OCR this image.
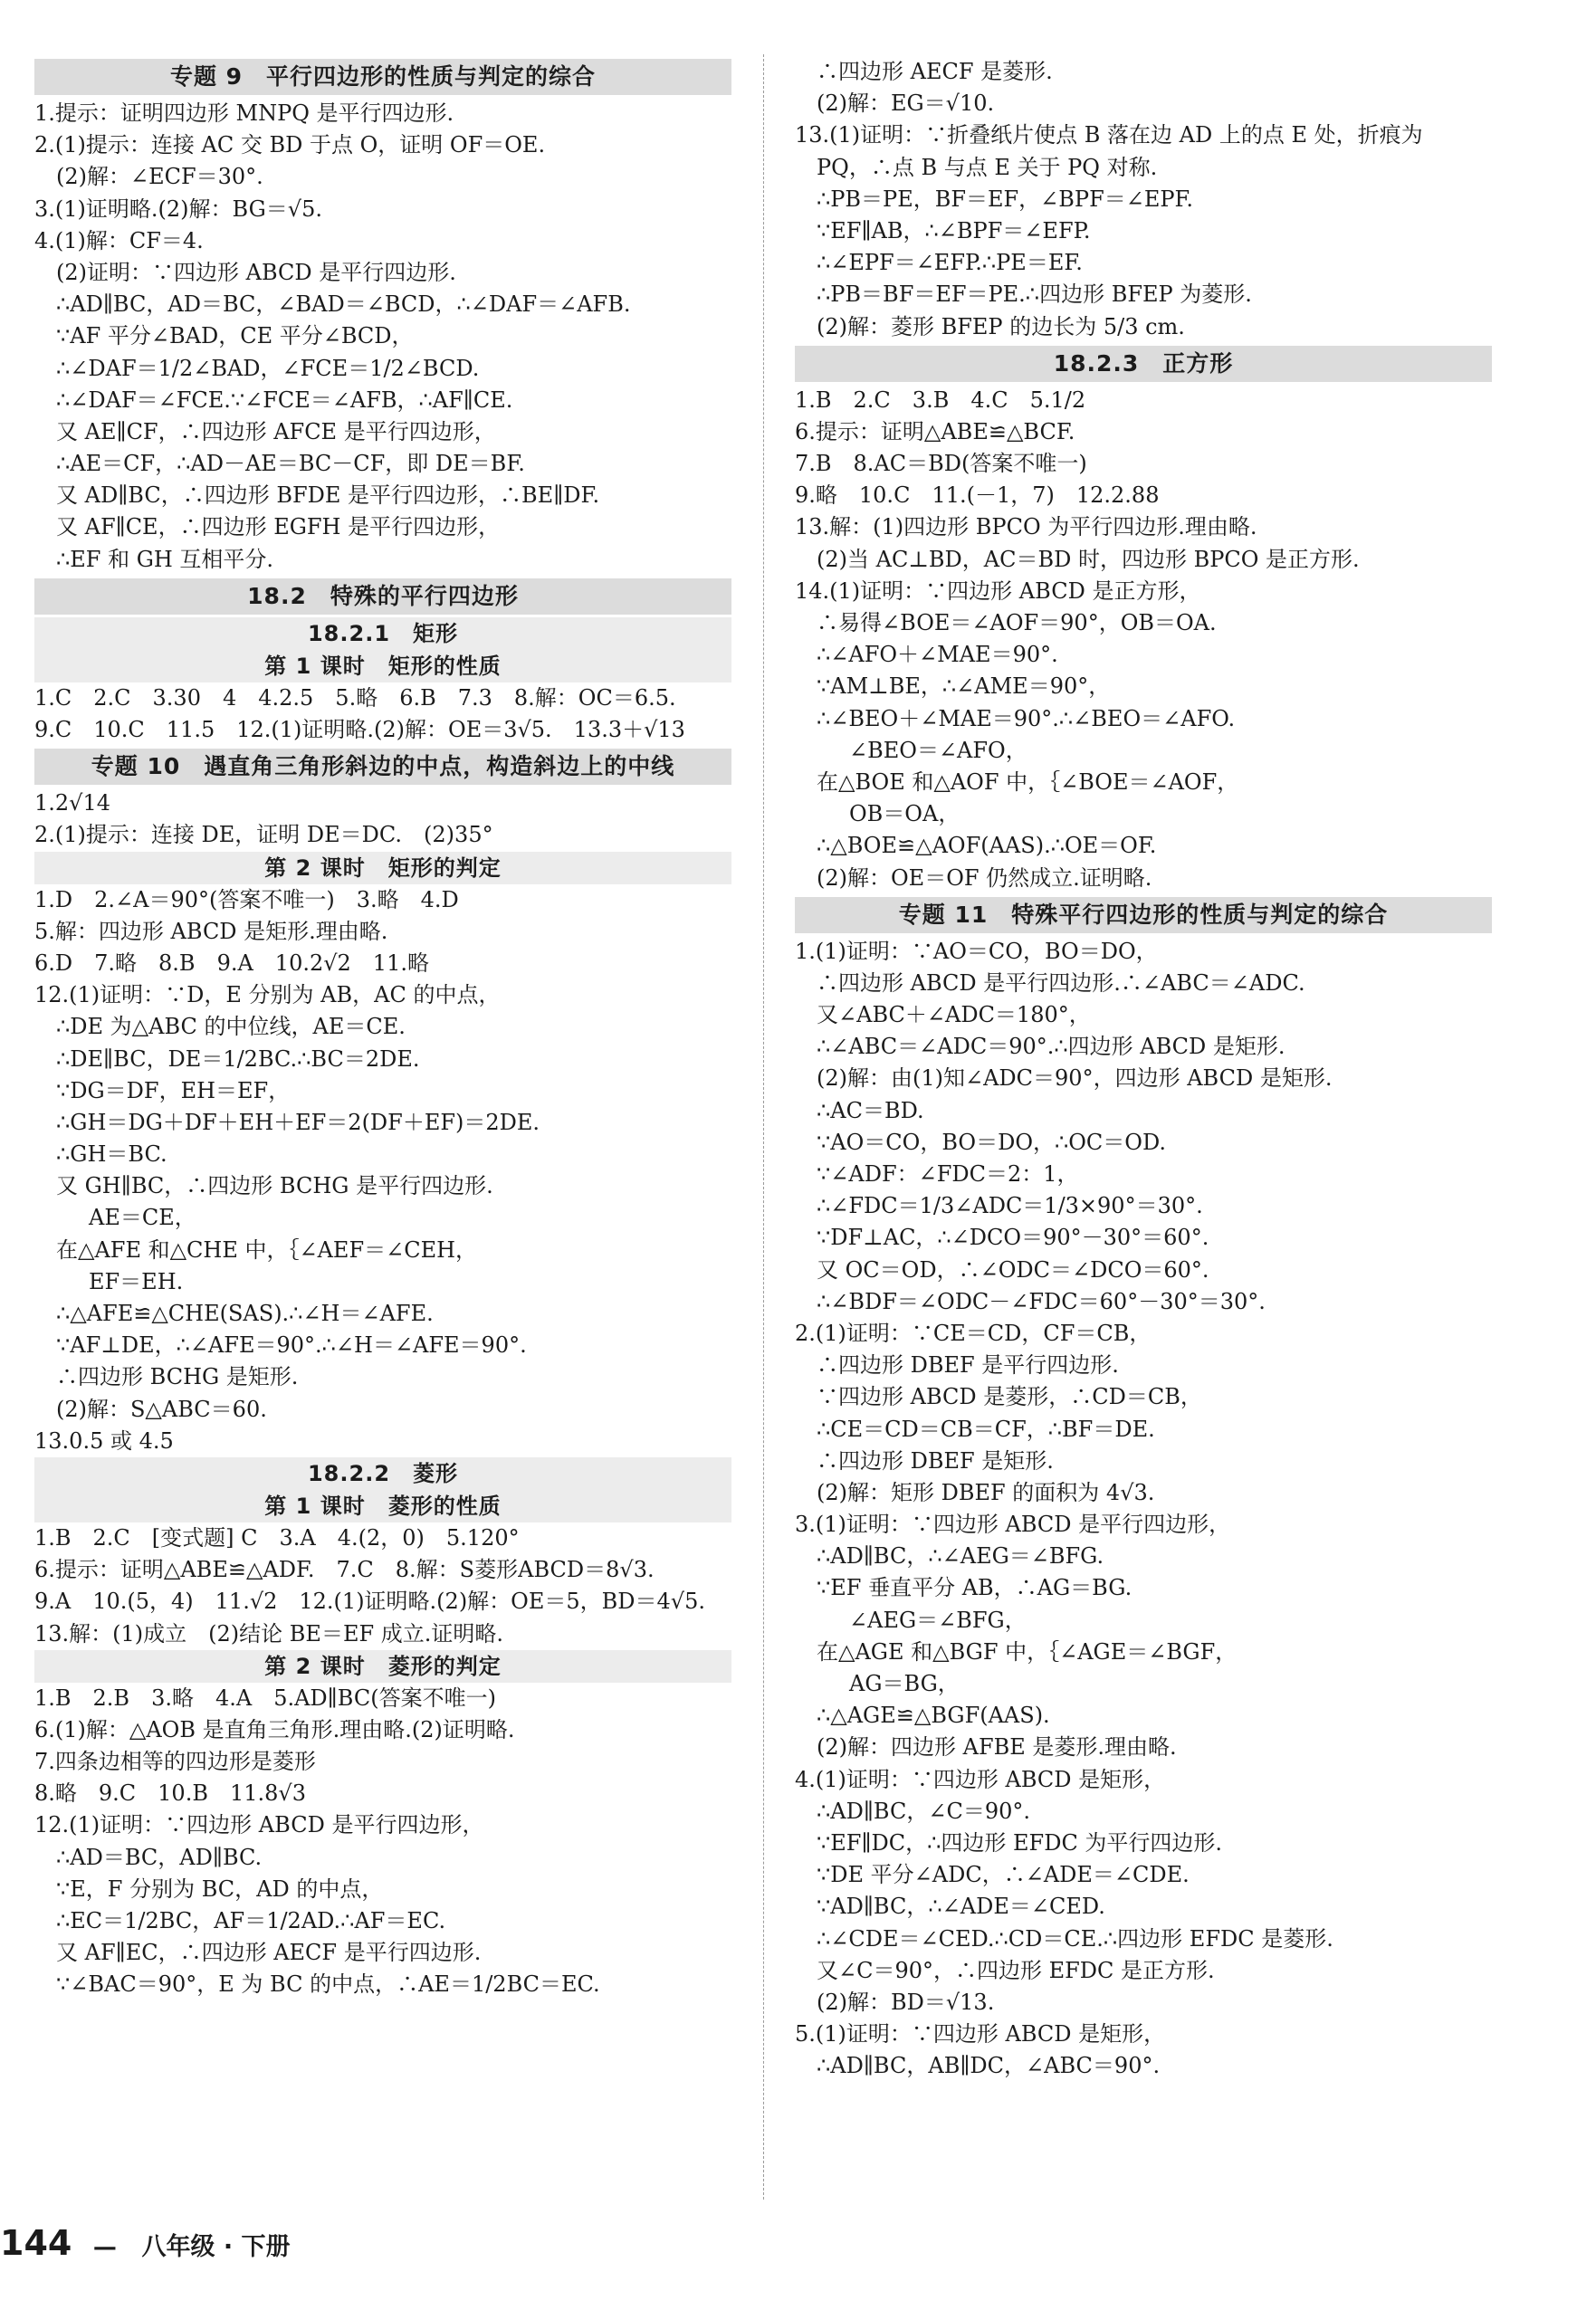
专题 9　平行四边形的性质与判定的综合
1.提示：证明四边形 MNPQ 是平行四边形.
2.(1)提示：连接 AC 交 BD 于点 O，证明 OF＝OE.
(2)解：∠ECF＝30°.
3.(1)证明略.(2)解：BG＝√5.
4.(1)解：CF＝4.
(2)证明：∵四边形 ABCD 是平行四边形.
∴AD∥BC，AD＝BC，∠BAD＝∠BCD，∴∠DAF＝∠AFB.
∵AF 平分∠BAD，CE 平分∠BCD，
∴∠DAF＝1/2∠BAD，∠FCE＝1/2∠BCD.
∴∠DAF＝∠FCE.∵∠FCE＝∠AFB，∴AF∥CE.
又 AE∥CF，∴四边形 AFCE 是平行四边形，
∴AE＝CF，∴AD－AE＝BC－CF，即 DE＝BF.
又 AD∥BC，∴四边形 BFDE 是平行四边形，∴BE∥DF.
又 AF∥CE，∴四边形 EGFH 是平行四边形，
∴EF 和 GH 互相平分.
18.2　特殊的平行四边形
18.2.1　矩形
第 1 课时　矩形的性质
1.C　2.C　3.30　4　4.2.5　5.略　6.B　7.3　8.解：OC＝6.5.
9.C　10.C　11.5　12.(1)证明略.(2)解：OE＝3√5.　13.3＋√13
专题 10　遇直角三角形斜边的中点，构造斜边上的中线
1.2√14
2.(1)提示：连接 DE，证明 DE＝DC.　(2)35°
第 2 课时　矩形的判定
1.D　2.∠A＝90°(答案不唯一)　3.略　4.D
5.解：四边形 ABCD 是矩形.理由略.
6.D　7.略　8.B　9.A　10.2√2　11.略
12.(1)证明：∵D，E 分别为 AB，AC 的中点，
∴DE 为△ABC 的中位线，AE＝CE.
∴DE∥BC，DE＝1/2BC.∴BC＝2DE.
∵DG＝DF，EH＝EF，
∴GH＝DG＋DF＋EH＋EF＝2(DF＋EF)＝2DE.
∴GH＝BC.
又 GH∥BC，∴四边形 BCHG 是平行四边形.
AE＝CE，
在△AFE 和△CHE 中，｛∠AEF＝∠CEH，
EF＝EH.
∴△AFE≌△CHE(SAS).∴∠H＝∠AFE.
∵AF⊥DE，∴∠AFE＝90°.∴∠H＝∠AFE＝90°.
∴四边形 BCHG 是矩形.
(2)解：S△ABC＝60.
13.0.5 或 4.5
18.2.2　菱形
第 1 课时　菱形的性质
1.B　2.C　[变式题] C　3.A　4.(2，0)　5.120°
6.提示：证明△ABE≌△ADF.　7.C　8.解：S菱形ABCD＝8√3.
9.A　10.(5，4)　11.√2　12.(1)证明略.(2)解：OE＝5，BD＝4√5.
13.解：(1)成立　(2)结论 BE＝EF 成立.证明略.
第 2 课时　菱形的判定
1.B　2.B　3.略　4.A　5.AD∥BC(答案不唯一)
6.(1)解：△AOB 是直角三角形.理由略.(2)证明略.
7.四条边相等的四边形是菱形
8.略　9.C　10.B　11.8√3
12.(1)证明：∵四边形 ABCD 是平行四边形，
∴AD＝BC，AD∥BC.
∵E，F 分别为 BC，AD 的中点，
∴EC＝1/2BC，AF＝1/2AD.∴AF＝EC.
又 AF∥EC，∴四边形 AECF 是平行四边形.
∵∠BAC＝90°，E 为 BC 的中点，∴AE＝1/2BC＝EC.
∴四边形 AECF 是菱形.
(2)解：EG＝√10.
13.(1)证明：∵折叠纸片使点 B 落在边 AD 上的点 E 处，折痕为
PQ，∴点 B 与点 E 关于 PQ 对称.
∴PB＝PE，BF＝EF，∠BPF＝∠EPF.
∵EF∥AB，∴∠BPF＝∠EFP.
∴∠EPF＝∠EFP.∴PE＝EF.
∴PB＝BF＝EF＝PE.∴四边形 BFEP 为菱形.
(2)解：菱形 BFEP 的边长为 5/3 cm.
18.2.3　正方形
1.B　2.C　3.B　4.C　5.1/2
6.提示：证明△ABE≌△BCF.
7.B　8.AC＝BD(答案不唯一)
9.略　10.C　11.(－1，7)　12.2.88
13.解：(1)四边形 BPCO 为平行四边形.理由略.
(2)当 AC⊥BD，AC＝BD 时，四边形 BPCO 是正方形.
14.(1)证明：∵四边形 ABCD 是正方形，
∴易得∠BOE＝∠AOF＝90°，OB＝OA.
∴∠AFO＋∠MAE＝90°.
∵AM⊥BE，∴∠AME＝90°，
∴∠BEO＋∠MAE＝90°.∴∠BEO＝∠AFO.
∠BEO＝∠AFO，
在△BOE 和△AOF 中，｛∠BOE＝∠AOF，
OB＝OA，
∴△BOE≌△AOF(AAS).∴OE＝OF.
(2)解：OE＝OF 仍然成立.证明略.
专题 11　特殊平行四边形的性质与判定的综合
1.(1)证明：∵AO＝CO，BO＝DO，
∴四边形 ABCD 是平行四边形.∴∠ABC＝∠ADC.
又∠ABC＋∠ADC＝180°，
∴∠ABC＝∠ADC＝90°.∴四边形 ABCD 是矩形.
(2)解：由(1)知∠ADC＝90°，四边形 ABCD 是矩形.
∴AC＝BD.
∵AO＝CO，BO＝DO，∴OC＝OD.
∵∠ADF：∠FDC＝2：1，
∴∠FDC＝1/3∠ADC＝1/3×90°＝30°.
∵DF⊥AC，∴∠DCO＝90°－30°＝60°.
又 OC＝OD，∴∠ODC＝∠DCO＝60°.
∴∠BDF＝∠ODC－∠FDC＝60°－30°＝30°.
2.(1)证明：∵CE＝CD，CF＝CB，
∴四边形 DBEF 是平行四边形.
∵四边形 ABCD 是菱形，∴CD＝CB，
∴CE＝CD＝CB＝CF，∴BF＝DE.
∴四边形 DBEF 是矩形.
(2)解：矩形 DBEF 的面积为 4√3.
3.(1)证明：∵四边形 ABCD 是平行四边形，
∴AD∥BC，∴∠AEG＝∠BFG.
∵EF 垂直平分 AB，∴AG＝BG.
∠AEG＝∠BFG，
在△AGE 和△BGF 中，｛∠AGE＝∠BGF，
AG＝BG，
∴△AGE≌△BGF(AAS).
(2)解：四边形 AFBE 是菱形.理由略.
4.(1)证明：∵四边形 ABCD 是矩形，
∴AD∥BC，∠C＝90°.
∵EF∥DC，∴四边形 EFDC 为平行四边形.
∵DE 平分∠ADC，∴∠ADE＝∠CDE.
∵AD∥BC，∴∠ADE＝∠CED.
∴∠CDE＝∠CED.∴CD＝CE.∴四边形 EFDC 是菱形.
又∠C＝90°，∴四边形 EFDC 是正方形.
(2)解：BD＝√13.
5.(1)证明：∵四边形 ABCD 是矩形，
∴AD∥BC，AB∥DC，∠ABC＝90°.
144 — 八年级 · 下册
